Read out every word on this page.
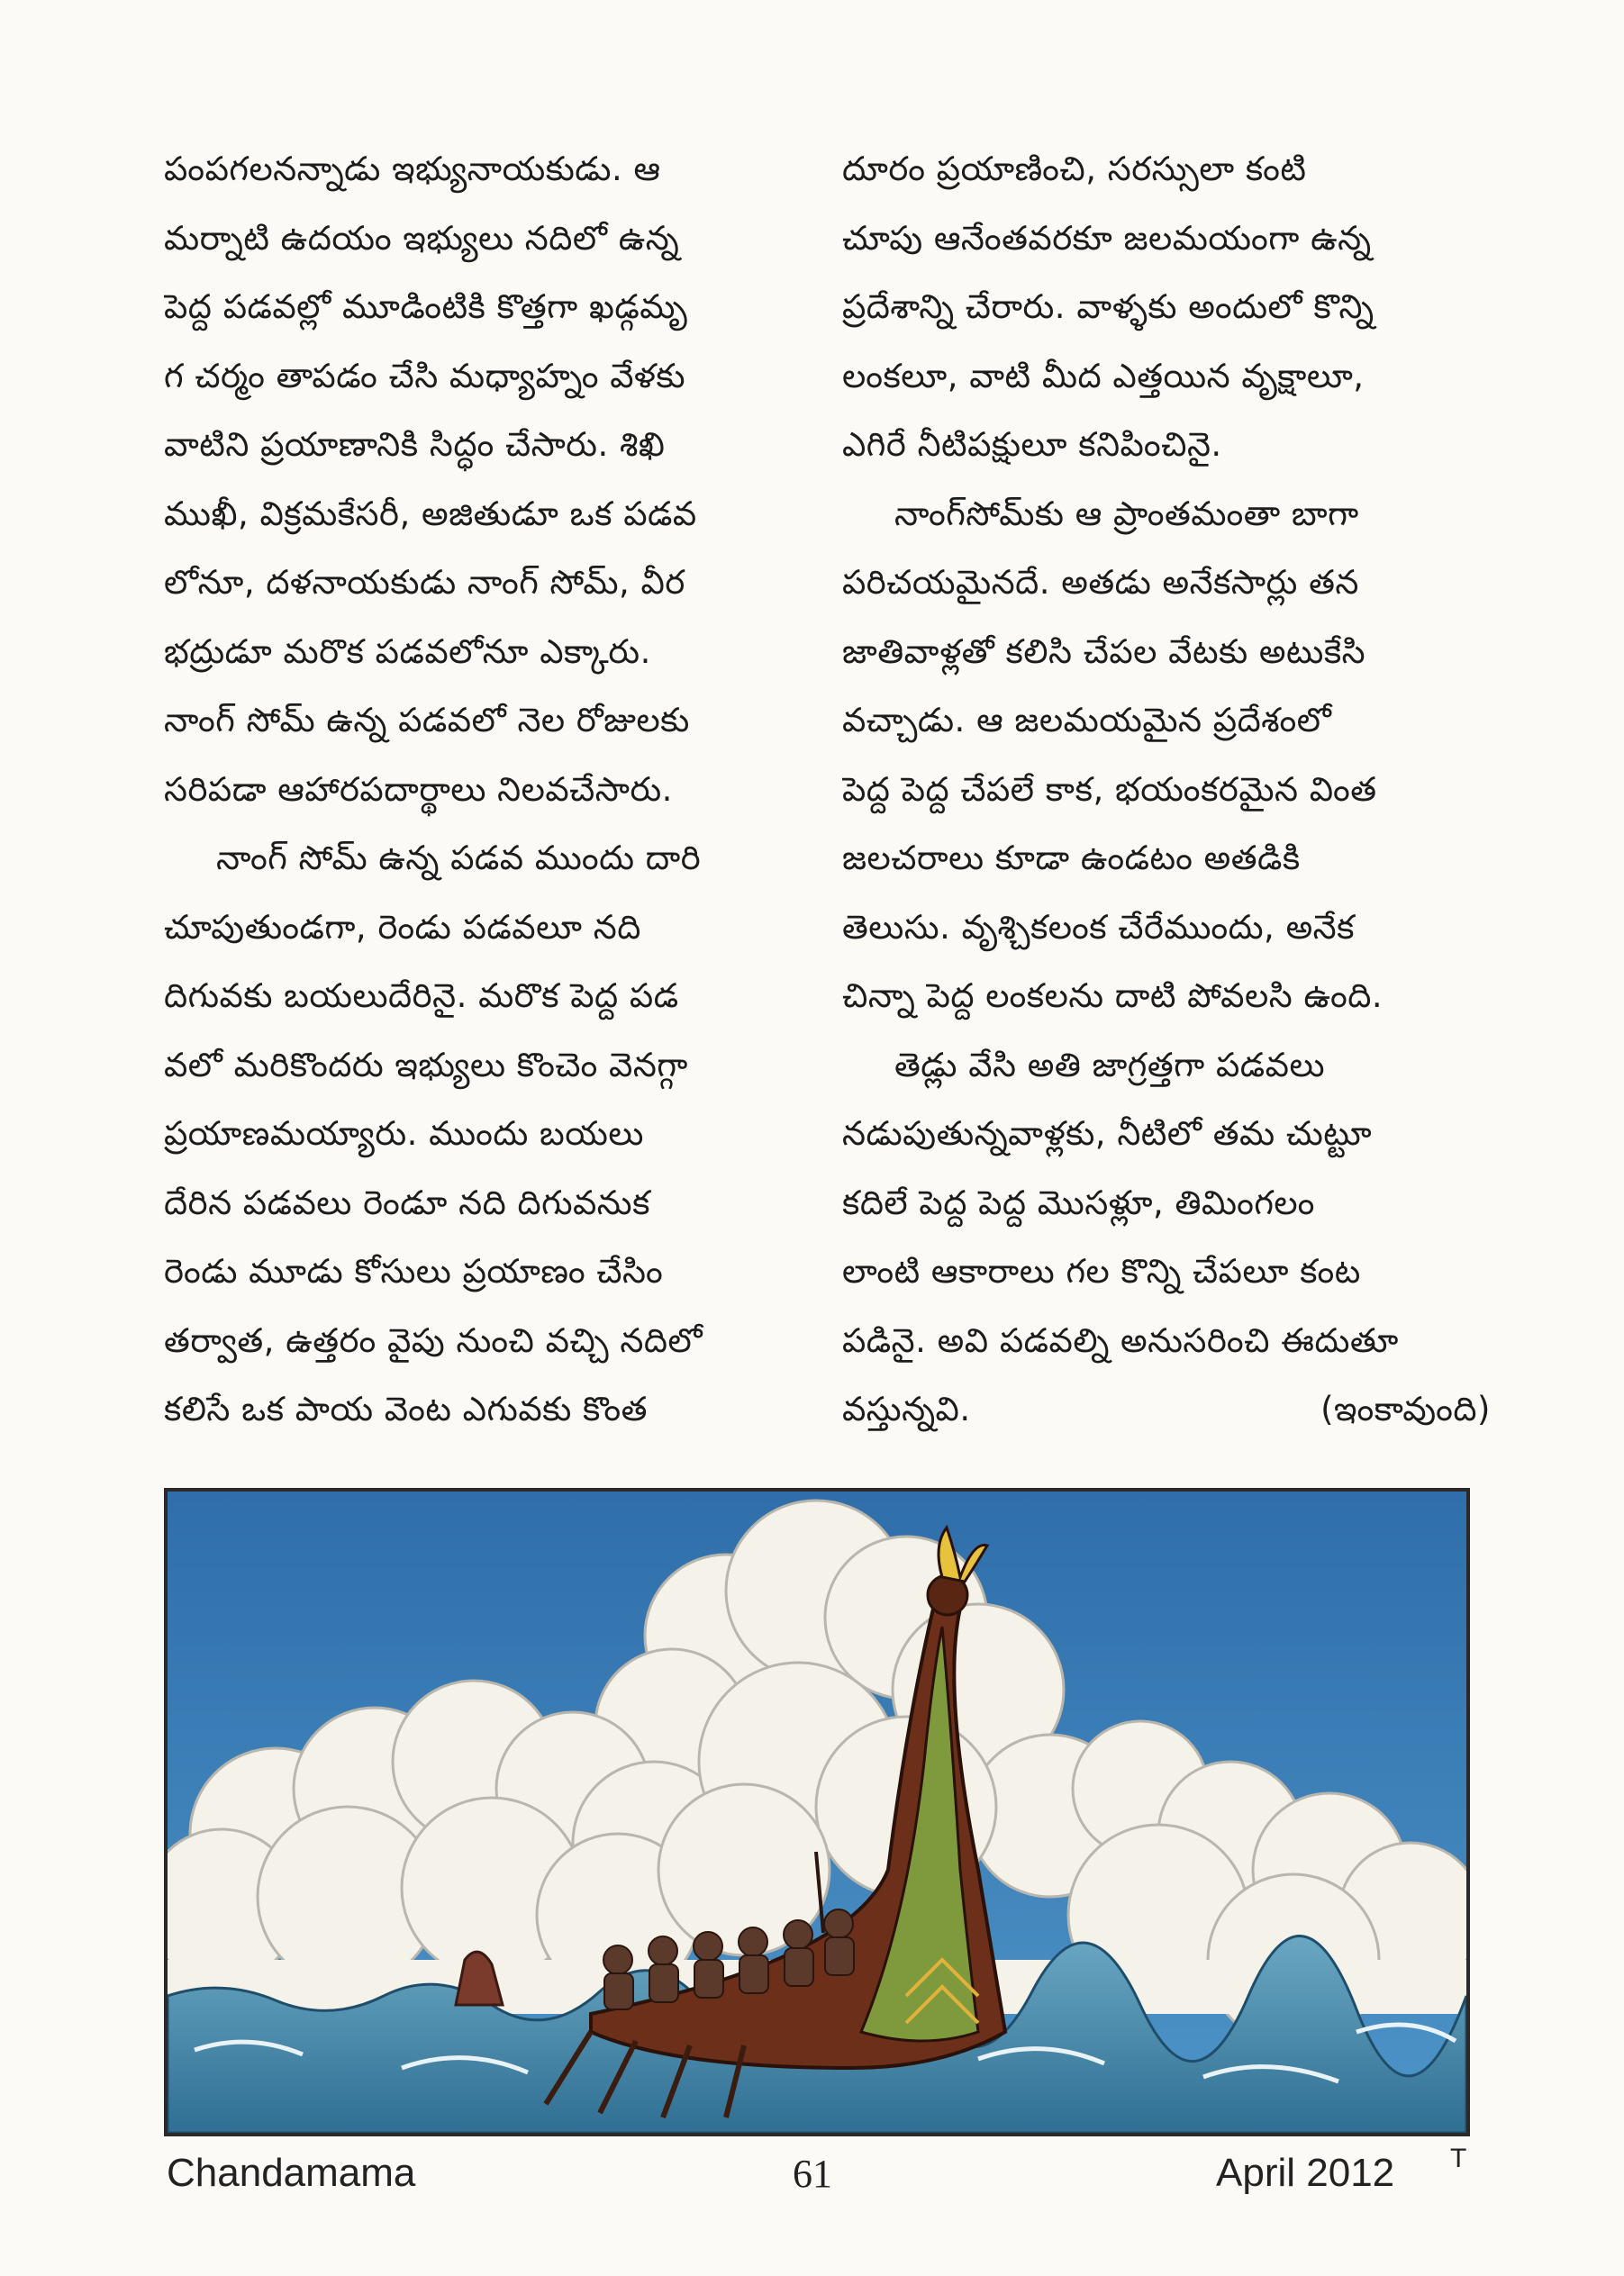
పంపగలనన్నాడు ఇభ్యునాయకుడు. ఆ
మర్నాటి ఉదయం ఇభ్యులు నదిలో ఉన్న
పెద్ద పడవల్లో మూడింటికి కొత్తగా ఖడ్గమృ
గ చర్మం తాపడం చేసి మధ్యాహ్నం వేళకు
వాటిని ప్రయాణానికి సిద్ధం చేసారు. శిఖి
ముఖీ, విక్రమకేసరీ, అజితుడూ ఒక పడవ
లోనూ, దళనాయకుడు నాంగ్ సోమ్, వీర
భద్రుడూ మరొక పడవలోనూ ఎక్కారు.
నాంగ్ సోమ్ ఉన్న పడవలో నెల రోజులకు
సరిపడా ఆహారపదార్థాలు నిలవచేసారు.
నాంగ్ సోమ్ ఉన్న పడవ ముందు దారి
చూపుతుండగా, రెండు పడవలూ నది
దిగువకు బయలుదేరినై. మరొక పెద్ద పడ
వలో మరికొందరు ఇభ్యులు కొంచెం వెనగ్గా
ప్రయాణమయ్యారు. ముందు బయలు
దేరిన పడవలు రెండూ నది దిగువనుక
రెండు మూడు కోసులు ప్రయాణం చేసిం
తర్వాత, ఉత్తరం వైపు నుంచి వచ్చి నదిలో
కలిసే ఒక పాయ వెంట ఎగువకు కొంత
దూరం ప్రయాణించి, సరస్సులా కంటి
చూపు ఆనేంతవరకూ జలమయంగా ఉన్న
ప్రదేశాన్ని చేరారు. వాళ్ళకు అందులో కొన్ని
లంకలూ, వాటి మీద ఎత్తయిన వృక్షాలూ,
ఎగిరే నీటిపక్షులూ కనిపించినై.
నాంగ్‌సోమ్‌కు ఆ ప్రాంతమంతా బాగా
పరిచయమైనదే. అతడు అనేకసార్లు తన
జాతివాళ్లతో కలిసి చేపల వేటకు అటుకేసి
వచ్చాడు. ఆ జలమయమైన ప్రదేశంలో
పెద్ద పెద్ద చేపలే కాక, భయంకరమైన వింత
జలచరాలు కూడా ఉండటం అతడికి
తెలుసు. వృశ్చికలంక చేరేముందు, అనేక
చిన్నా పెద్ద లంకలను దాటి పోవలసి ఉంది.
తెడ్లు వేసి అతి జాగ్రత్తగా పడవలు
నడుపుతున్నవాళ్లకు, నీటిలో తమ చుట్టూ
కదిలే పెద్ద పెద్ద మొసళ్లూ, తిమింగలం
లాంటి ఆకారాలు గల కొన్ని చేపలూ కంట
పడినై. అవి పడవల్ని అనుసరించి ఈదుతూ
వస్తున్నవి.	(ఇంకావుంది)
Chandamama	61	April 2012 T
